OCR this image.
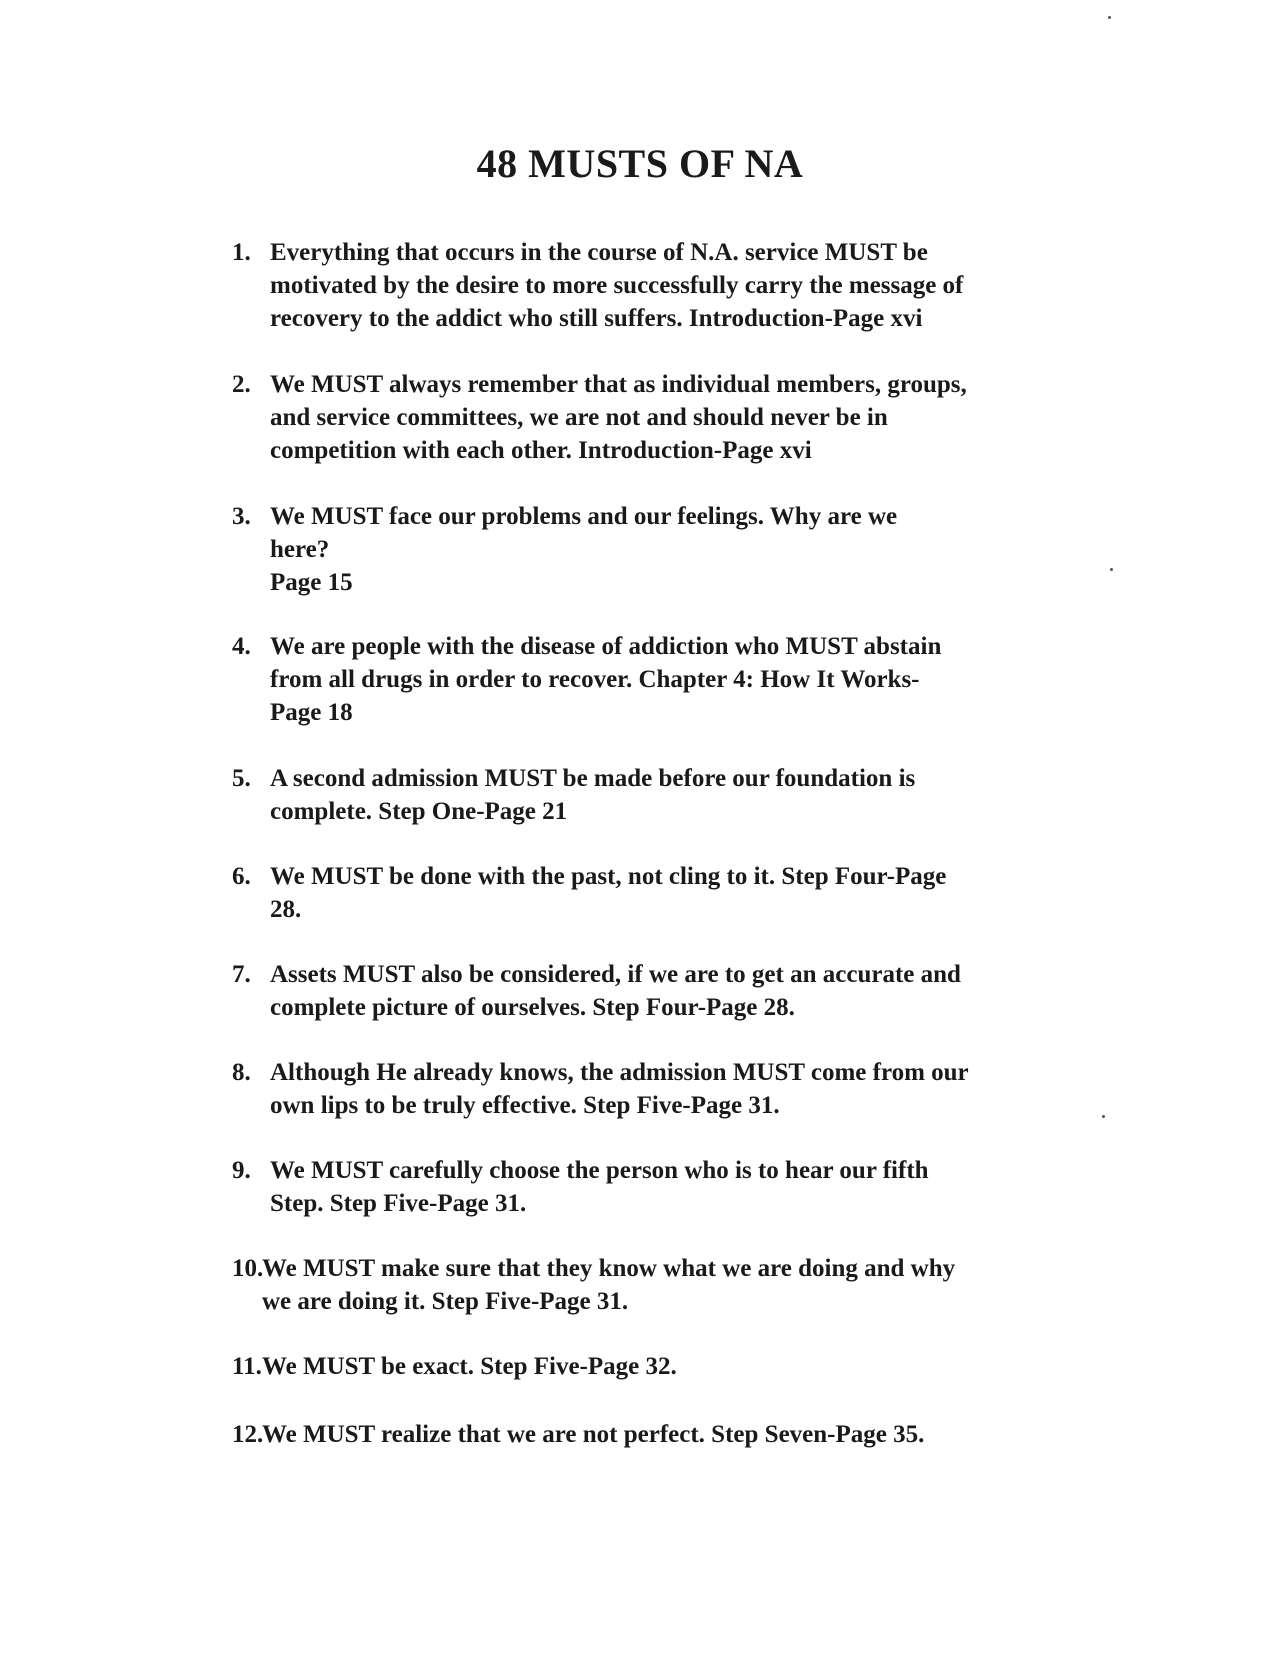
48 MUSTS OF NA
1. Everything that occurs in the course of N.A. service MUST be
motivated by the desire to more successfully carry the message of
recovery to the addict who still suffers. Introduction-Page xvi
2. We MUST always remember that as individual members, groups,
and service committees, we are not and should never be in
competition with each other. Introduction-Page xvi
3. We MUST face our problems and our feelings. Why are we
here?
Page 15
4. We are people with the disease of addiction who MUST abstain
from all drugs in order to recover. Chapter 4: How It Works-
Page 18
5. A second admission MUST be made before our foundation is
complete. Step One-Page 21
6. We MUST be done with the past, not cling to it. Step Four-Page
28.
7. Assets MUST also be considered, if we are to get an accurate and
complete picture of ourselves. Step Four-Page 28.
8. Although He already knows, the admission MUST come from our
own lips to be truly effective. Step Five-Page 31.
9. We MUST carefully choose the person who is to hear our fifth
Step. Step Five-Page 31.
10.
We MUST make sure that they know what we are doing and why
we are doing it. Step Five-Page 31.
11. We MUST be exact. Step Five-Page 32.
12.
We MUST realize that we are not perfect. Step Seven-Page 35.
